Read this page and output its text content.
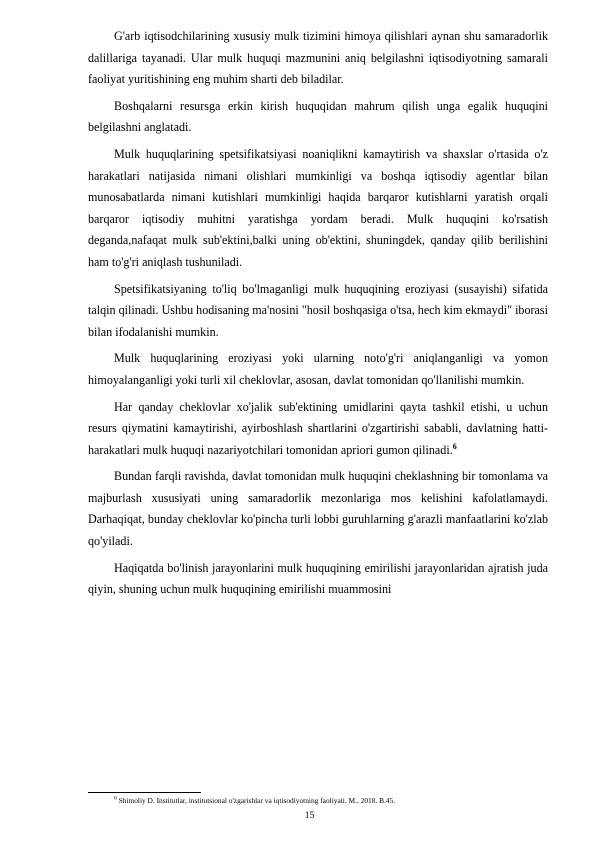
G'arb iqtisodchilarining xususiy mulk tizimini himoya qilishlari aynan shu samaradorlik dalillariga tayanadi. Ular mulk huquqi mazmunini aniq belgilashni iqtisodiyotning samarali faoliyat yuritishining eng muhim sharti deb biladilar.

Boshqalarni resursga erkin kirish huquqidan mahrum qilish unga egalik huquqini belgilashni anglatadi.

Mulk huquqlarining spetsifikatsiyasi noaniqlikni kamaytirish va shaxslar o'rtasida o'z harakatlari natijasida nimani olishlari mumkinligi va boshqa iqtisodiy agentlar bilan munosabatlarda nimani kutishlari mumkinligi haqida barqaror kutishlarni yaratish orqali barqaror iqtisodiy muhitni yaratishga yordam beradi. Mulk huquqini ko'rsatish deganda,nafaqat mulk sub'ektini,balki uning ob'ektini, shuningdek, qanday qilib berilishini ham to'g'ri aniqlash tushuniladi.

Spetsifikatsiyaning to'liq bo'lmaganligi mulk huquqining eroziyasi (susayishi) sifatida talqin qilinadi. Ushbu hodisaning ma'nosini "hosil boshqasiga o'tsa, hech kim ekmaydi" iborasi bilan ifodalanishi mumkin.

Mulk huquqlarining eroziyasi yoki ularning noto'g'ri aniqlanganligi va yomon himoyalanganligi yoki turli xil cheklovlar, asosan, davlat tomonidan qo'llanilishi mumkin.

Har qanday cheklovlar xo'jalik sub'ektining umidlarini qayta tashkil etishi, u uchun resurs qiymatini kamaytirishi, ayirboshlash shartlarini o'zgartirishi sababli, davlatning hatti-harakatlari mulk huquqi nazariyotchilari tomonidan apriori gumon qilinadi.$^6$

Bundan farqli ravishda, davlat tomonidan mulk huquqini cheklashning bir tomonlama va majburlash xususiyati uning samaradorlik mezonlariga mos kelishini kafolatlamaydi. Darhaqiqat, bunday cheklovlar ko'pincha turli lobbi guruhlarning g'arazli manfaatlarini ko'zlab qo'yiladi.

Haqiqatda bo'linish jarayonlarini mulk huquqining emirilishi jarayonlaridan ajratish juda qiyin, shuning uchun mulk huquqining emirilishi muammosini

$^6$ Shimoliy D. Institutlar, institutsional o'zgarishlar va iqtisodiyotning faoliyati. M., 2018. B.45.
15
